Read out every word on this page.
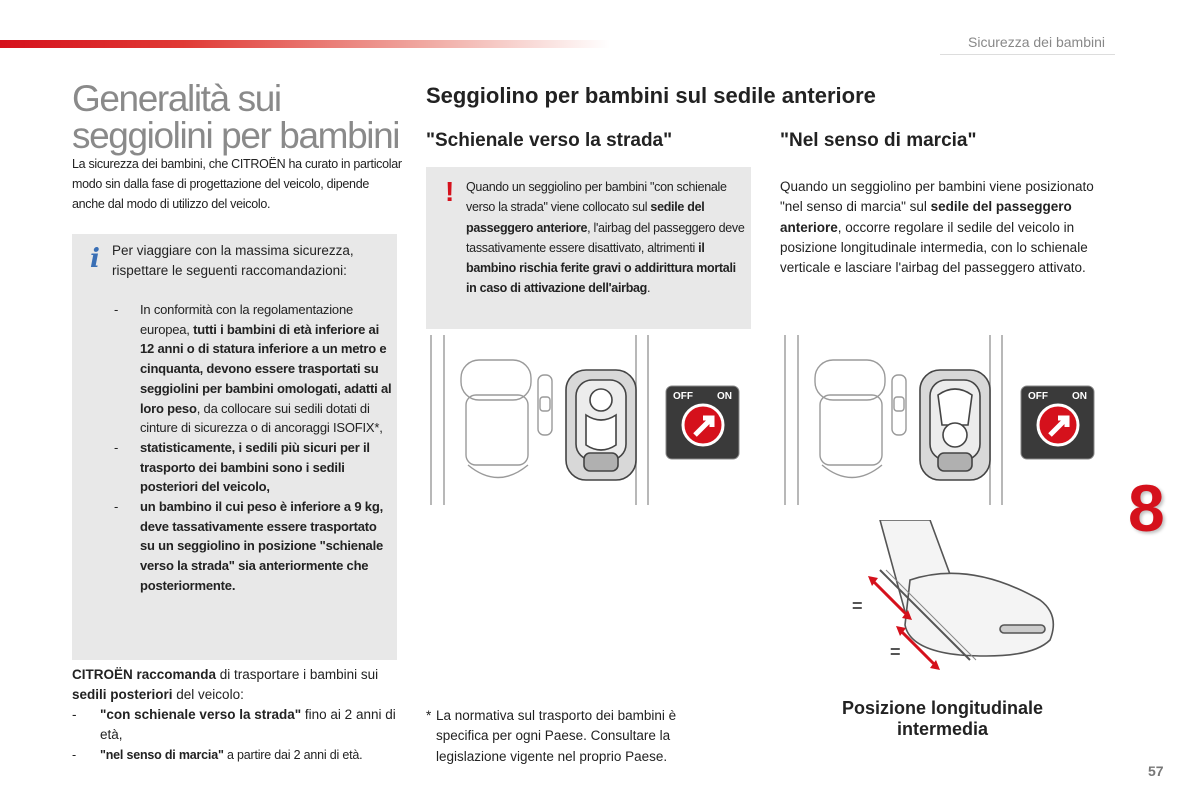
Sicurezza dei bambini
Generalità sui
seggiolini per bambini
La sicurezza dei bambini, che CITROËN ha curato in particolar modo sin dalla fase di progettazione del veicolo, dipende anche dal modo di utilizzo del veicolo.
i Per viaggiare con la massima sicurezza, rispettare le seguenti raccomandazioni:

- In conformità con la regolamentazione europea, tutti i bambini di età inferiore ai 12 anni o di statura inferiore a un metro e cinquanta, devono essere trasportati su seggiolini per bambini omologati, adatti al loro peso, da collocare sui sedili dotati di cinture di sicurezza o di ancoraggi ISOFIX*,

- statisticamente, i sedili più sicuri per il trasporto dei bambini sono i sedili posteriori del veicolo,

- un bambino il cui peso è inferiore a 9 kg, deve tassativamente essere trasportato su un seggiolino in posizione "schienale verso la strada" sia anteriormente che posteriormente.

CITROËN raccomanda di trasportare i bambini sui sedili posteriori del veicolo:
- "con schienale verso la strada" fino ai 2 anni di età,
- "nel senso di marcia" a partire dai 2 anni di età.
Seggiolino per bambini sul sedile anteriore
"Schienale verso la strada"	"Nel senso di marcia"
! Quando un seggiolino per bambini "con schienale verso la strada" viene collocato sul sedile del passeggero anteriore, l'airbag del passeggero deve tassativamente essere disattivato, altrimenti il bambino rischia ferite gravi o addirittura mortali in caso di attivazione dell'airbag.
Quando un seggiolino per bambini viene posizionato "nel senso di marcia" sul sedile del passeggero anteriore, occorre regolare il sedile del veicolo in posizione longitudinale intermedia, con lo schienale verticale e lasciare l'airbag del passeggero attivato.
OFF ON	OFF ON
=
=
* La normativa sul trasporto dei bambini è specifica per ogni Paese. Consultare la legislazione vigente nel proprio Paese.
Posizione longitudinale
intermedia
8
57
